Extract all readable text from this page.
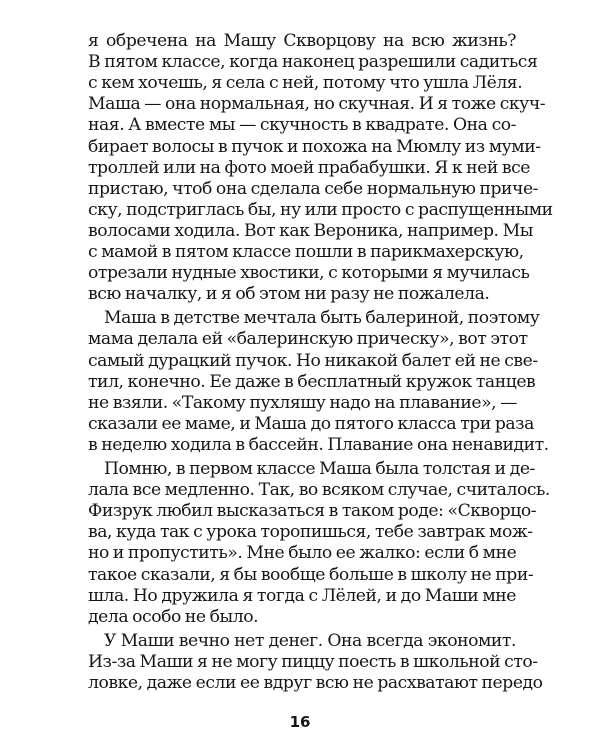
я обречена на Машу Скворцову на всю жизнь?
В пятом классе, когда наконец разрешили садиться
с кем хочешь, я села с ней, потому что ушла Лёля.
Маша — она нормальная, но скучная. И я тоже скуч-
ная. А вместе мы — скучность в квадрате. Она со-
бирает волосы в пучок и похожа на Мюмлу из муми-
троллей или на фото моей прабабушки. Я к ней все
пристаю, чтоб она сделала себе нормальную приче-
ску, подстриглась бы, ну или просто с распущенными
волосами ходила. Вот как Вероника, например. Мы
с мамой в пятом классе пошли в парикмахерскую,
отрезали нудные хвостики, с которыми я мучилась
всю началку, и я об этом ни разу не пожалела.
Маша в детстве мечтала быть балериной, поэтому
мама делала ей «балеринскую прическу», вот этот
самый дурацкий пучок. Но никакой балет ей не све-
тил, конечно. Ее даже в бесплатный кружок танцев
не взяли. «Такому пухляшу надо на плавание», —
сказали ее маме, и Маша до пятого класса три раза
в неделю ходила в бассейн. Плавание она ненавидит.
Помню, в первом классе Маша была толстая и де-
лала все медленно. Так, во всяком случае, считалось.
Физрук любил высказаться в таком роде: «Скворцо-
ва, куда так с урока торопишься, тебе завтрак мож-
но и пропустить». Мне было ее жалко: если б мне
такое сказали, я бы вообще больше в школу не при-
шла. Но дружила я тогда с Лёлей, и до Маши мне
дела особо не было.
У Маши вечно нет денег. Она всегда экономит.
Из-за Маши я не могу пиццу поесть в школьной сто-
ловке, даже если ее вдруг всю не расхватают передо
16
